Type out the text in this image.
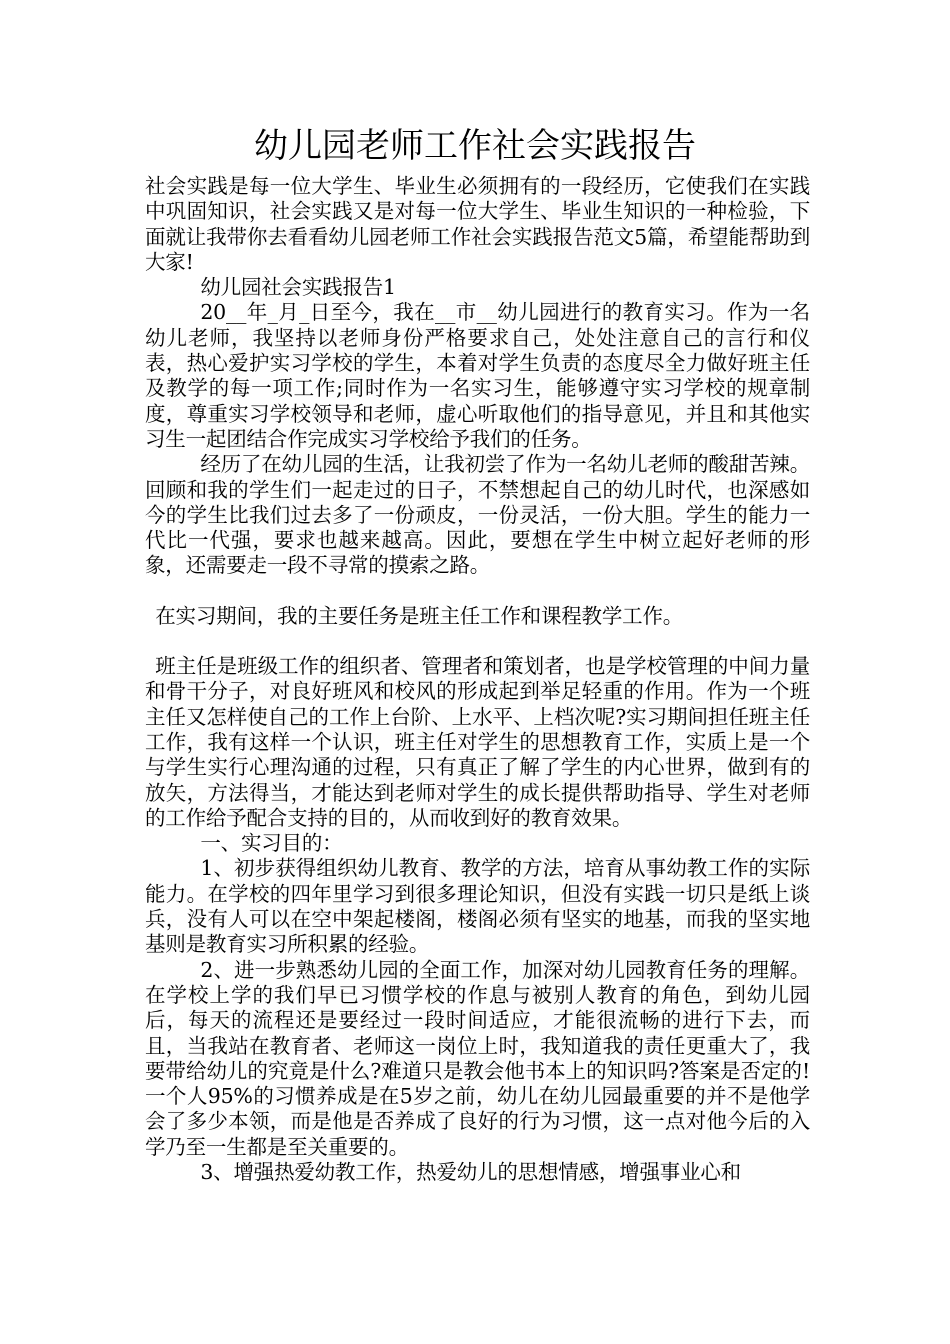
幼儿园老师工作社会实践报告

社会实践是每一位大学生、毕业生必须拥有的一段经历，它使我们在实践中巩固知识，社会实践又是对每一位大学生、毕业生知识的一种检验，下面就让我带你去看看幼儿园老师工作社会实践报告范文5篇，希望能帮助到大家!

幼儿园社会实践报告1

20__年_月_日至今，我在__市__幼儿园进行的教育实习。作为一名幼儿老师，我坚持以老师身份严格要求自己，处处注意自己的言行和仪表，热心爱护实习学校的学生，本着对学生负责的态度尽全力做好班主任及教学的每一项工作;同时作为一名实习生，能够遵守实习学校的规章制度，尊重实习学校领导和老师，虚心听取他们的指导意见，并且和其他实习生一起团结合作完成实习学校给予我们的任务。

经历了在幼儿园的生活，让我初尝了作为一名幼儿老师的酸甜苦辣。回顾和我的学生们一起走过的日子，不禁想起自己的幼儿时代，也深感如今的学生比我们过去多了一份顽皮，一份灵活，一份大胆。学生的能力一代比一代强，要求也越来越高。因此，要想在学生中树立起好老师的形象，还需要走一段不寻常的摸索之路。

在实习期间，我的主要任务是班主任工作和课程教学工作。

班主任是班级工作的组织者、管理者和策划者，也是学校管理的中间力量和骨干分子，对良好班风和校风的形成起到举足轻重的作用。作为一个班主任又怎样使自己的工作上台阶、上水平、上档次呢?实习期间担任班主任工作，我有这样一个认识，班主任对学生的思想教育工作，实质上是一个与学生实行心理沟通的过程，只有真正了解了学生的内心世界，做到有的放矢，方法得当，才能达到老师对学生的成长提供帮助指导、学生对老师的工作给予配合支持的目的，从而收到好的教育效果。

一、实习目的：

1、初步获得组织幼儿教育、教学的方法，培育从事幼教工作的实际能力。在学校的四年里学习到很多理论知识，但没有实践一切只是纸上谈兵，没有人可以在空中架起楼阁，楼阁必须有坚实的地基，而我的坚实地基则是教育实习所积累的经验。

2、进一步熟悉幼儿园的全面工作，加深对幼儿园教育任务的理解。在学校上学的我们早已习惯学校的作息与被别人教育的角色，到幼儿园后，每天的流程还是要经过一段时间适应，才能很流畅的进行下去，而且，当我站在教育者、老师这一岗位上时，我知道我的责任更重大了，我要带给幼儿的究竟是什么?难道只是教会他书本上的知识吗?答案是否定的!一个人95%的习惯养成是在5岁之前，幼儿在幼儿园最重要的并不是他学会了多少本领，而是他是否养成了良好的行为习惯，这一点对他今后的入学乃至一生都是至关重要的。

3、增强热爱幼教工作，热爱幼儿的思想情感，增强事业心和
